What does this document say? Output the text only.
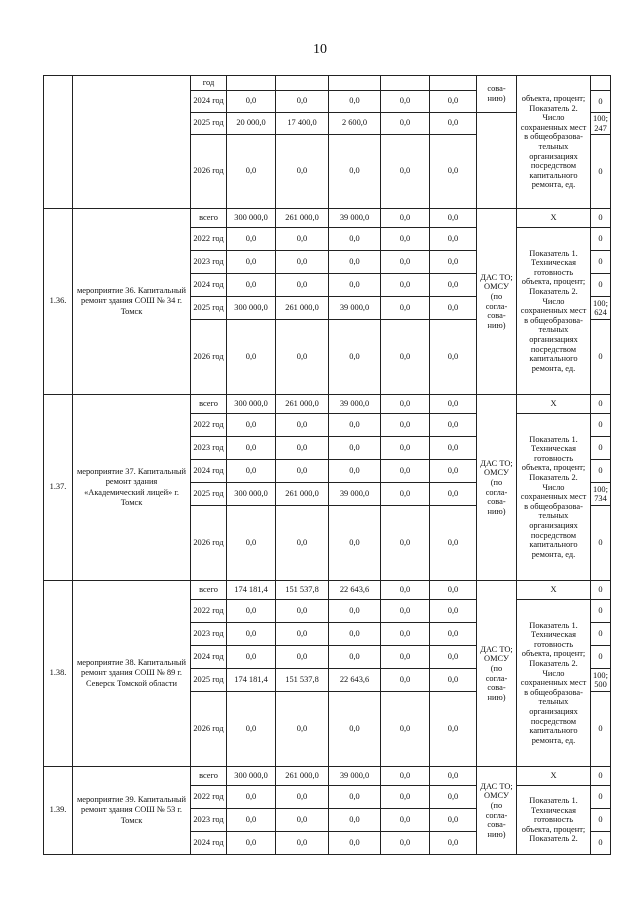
10
		год						сова-нию)	объекта, процент; Показатель 2. Число сохраненных мест в общеобразова-тельных организациях посредством капитального ремонта, ед.	
		2024 год	0,0	0,0	0,0	0,0	0,0			0
		2025 год	20 000,0	17 400,0	2 600,0	0,0	0,0			100; 247
		2026 год	0,0	0,0	0,0	0,0	0,0			0
1.36.	мероприятие 36. Капитальный ремонт здания СОШ № 34 г. Томск	всего	300 000,0	261 000,0	39 000,0	0,0	0,0	ДАС ТО; ОМСУ (по согла-сова-нию)	Х	0
		2022 год	0,0	0,0	0,0	0,0	0,0		Показатель 1. Техническая готовность объекта, процент; Показатель 2. Число сохраненных мест в общеобразова-тельных организациях посредством капитального ремонта, ед.	0
		2023 год	0,0	0,0	0,0	0,0	0,0			0
		2024 год	0,0	0,0	0,0	0,0	0,0			0
		2025 год	300 000,0	261 000,0	39 000,0	0,0	0,0			100; 624
		2026 год	0,0	0,0	0,0	0,0	0,0			0
1.37.	мероприятие 37. Капитальный ремонт здания «Академический лицей» г. Томск	всего	300 000,0	261 000,0	39 000,0	0,0	0,0	ДАС ТО; ОМСУ (по согла-сова-нию)	Х	0
		2022 год	0,0	0,0	0,0	0,0	0,0		Показатель 1. Техническая готовность объекта, процент; Показатель 2. Число сохраненных мест в общеобразова-тельных организациях посредством капитального ремонта, ед.	0
		2023 год	0,0	0,0	0,0	0,0	0,0			0
		2024 год	0,0	0,0	0,0	0,0	0,0			0
		2025 год	300 000,0	261 000,0	39 000,0	0,0	0,0			100; 734
		2026 год	0,0	0,0	0,0	0,0	0,0			0
1.38.	мероприятие 38. Капитальный ремонт здания СОШ № 89 г. Северск Томской области	всего	174 181,4	151 537,8	22 643,6	0,0	0,0	ДАС ТО; ОМСУ (по согла-сова-нию)	Х	0
		2022 год	0,0	0,0	0,0	0,0	0,0		Показатель 1. Техническая готовность объекта, процент; Показатель 2. Число сохраненных мест в общеобразова-тельных организациях посредством капитального ремонта, ед.	0
		2023 год	0,0	0,0	0,0	0,0	0,0			0
		2024 год	0,0	0,0	0,0	0,0	0,0			0
		2025 год	174 181,4	151 537,8	22 643,6	0,0	0,0			100; 500
		2026 год	0,0	0,0	0,0	0,0	0,0			0
1.39.	мероприятие 39. Капитальный ремонт здания СОШ № 53 г. Томск	всего	300 000,0	261 000,0	39 000,0	0,0	0,0	ДАС ТО; ОМСУ (по согла-сова-нию)	Х	0
		2022 год	0,0	0,0	0,0	0,0	0,0		Показатель 1. Техническая готовность объекта, процент; Показатель 2.	0
		2023 год	0,0	0,0	0,0	0,0	0,0			0
		2024 год	0,0	0,0	0,0	0,0	0,0			0
